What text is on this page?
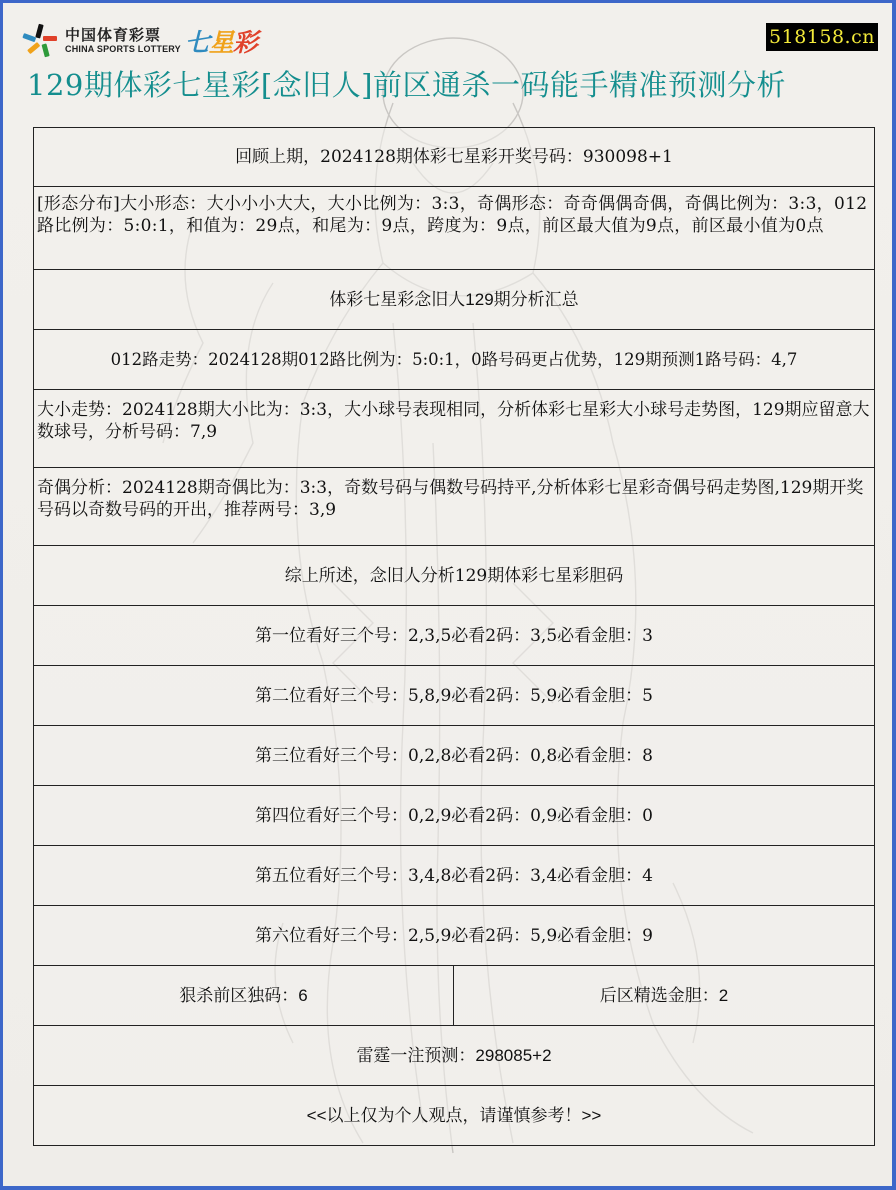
中国体育彩票
CHINA SPORTS LOTTERY 七星彩	518158.cn
129期体彩七星彩[念旧人]前区通杀一码能手精准预测分析
回顾上期，2024128期体彩七星彩开奖号码：930098+1
[形态分布]大小形态：大小小小大大，大小比例为：3:3，奇偶形态：奇奇偶偶奇偶，奇偶比例为：3:3，012路比例为：5:0:1，和值为：29点，和尾为：9点，跨度为：9点，前区最大值为9点，前区最小值为0点
体彩七星彩念旧人129期分析汇总
012路走势：2024128期012路比例为：5:0:1，0路号码更占优势，129期预测1路号码：4,7
大小走势：2024128期大小比为：3:3，大小球号表现相同，分析体彩七星彩大小球号走势图，129期应留意大数球号，分析号码：7,9
奇偶分析：2024128期奇偶比为：3:3，奇数号码与偶数号码持平,分析体彩七星彩奇偶号码走势图,129期开奖号码以奇数号码的开出，推荐两号：3,9
综上所述，念旧人分析129期体彩七星彩胆码
第一位看好三个号：2,3,5必看2码：3,5必看金胆：3
第二位看好三个号：5,8,9必看2码：5,9必看金胆：5
第三位看好三个号：0,2,8必看2码：0,8必看金胆：8
第四位看好三个号：0,2,9必看2码：0,9必看金胆：0
第五位看好三个号：3,4,8必看2码：3,4必看金胆：4
第六位看好三个号：2,5,9必看2码：5,9必看金胆：9
狠杀前区独码：6	后区精选金胆：2
雷霆一注预测：298085+2
<<以上仅为个人观点，请谨慎参考！>>
